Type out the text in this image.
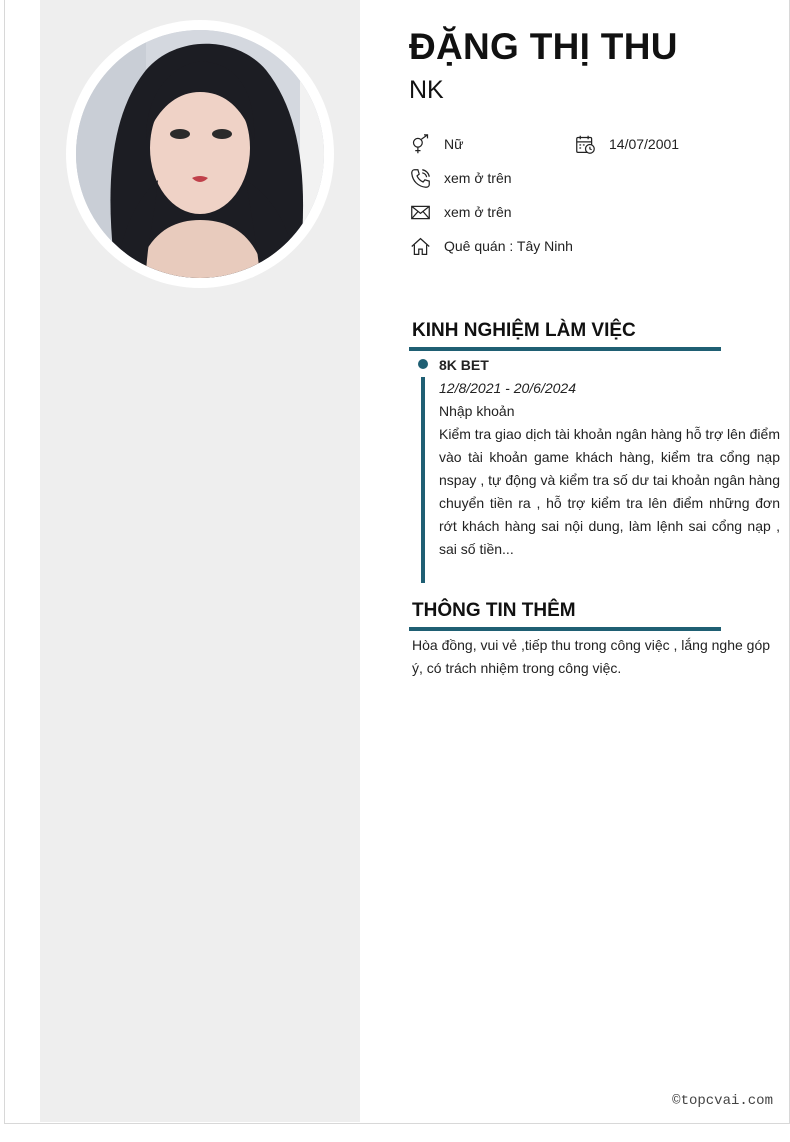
ĐẶNG THỊ THU
NK
Nữ	14/07/2001
xem ở trên
xem ở trên
Quê quán : Tây Ninh
KINH NGHIỆM LÀM VIỆC
8K BET
12/8/2021 - 20/6/2024
Nhập khoản
Kiểm tra giao dịch tài khoản ngân hàng hỗ trợ lên điểm vào tài khoản game khách hàng, kiểm tra cổng nạp nspay , tự động và kiểm tra số dư tai khoản ngân hàng chuyển tiền ra , hỗ trợ kiểm tra lên điểm những đơn rớt khách hàng sai nội dung, làm lệnh sai cổng nạp , sai số tiền...
THÔNG TIN THÊM
Hòa đồng, vui vẻ ,tiếp thu trong công việc , lắng nghe góp ý, có trách nhiệm trong công việc.
©topcvai.com
